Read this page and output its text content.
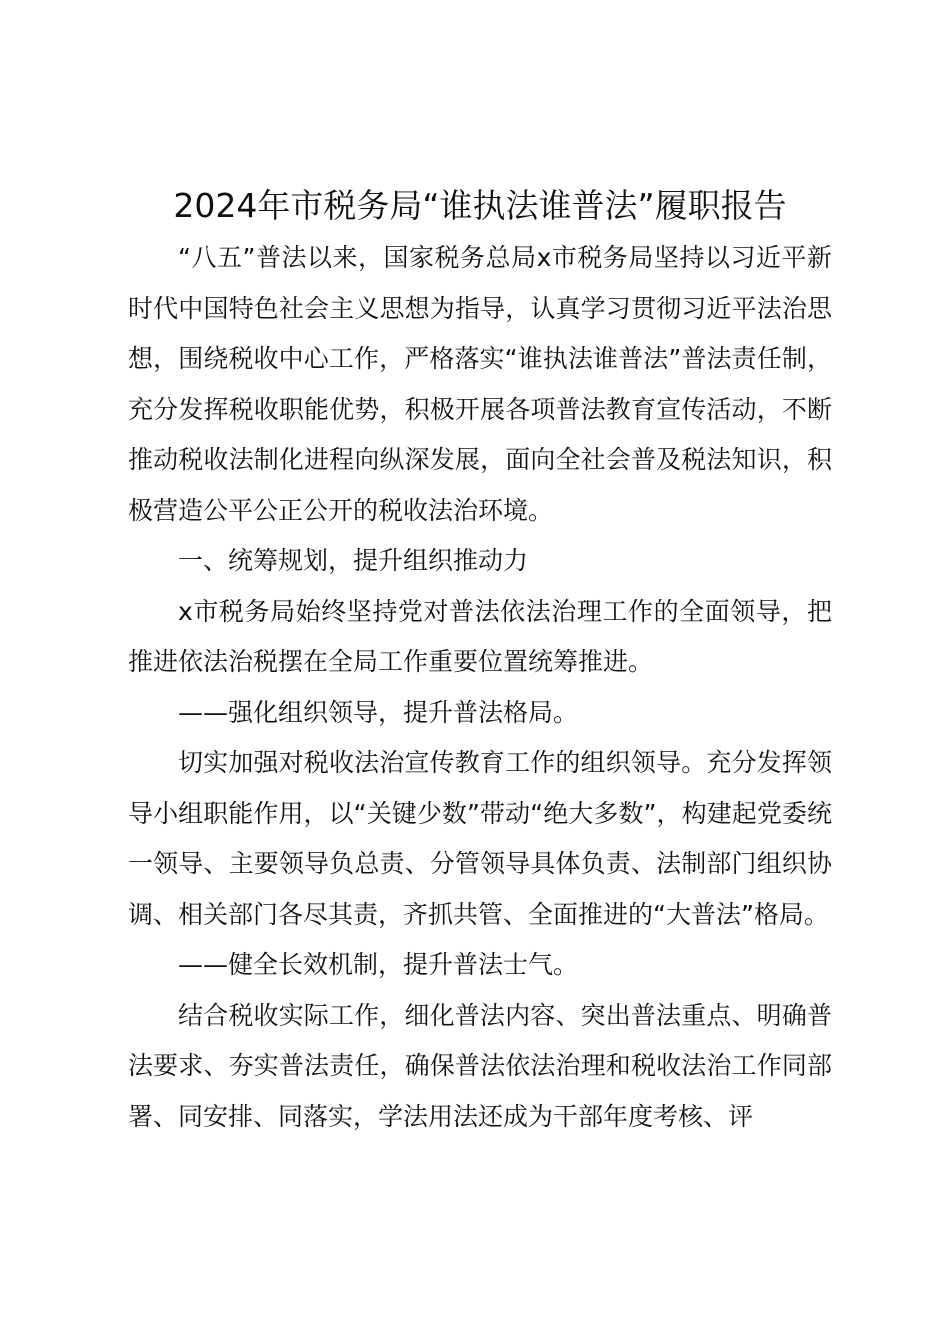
2024年市税务局“谁执法谁普法”履职报告

“八五”普法以来，国家税务总局x市税务局坚持以习近平新时代中国特色社会主义思想为指导，认真学习贯彻习近平法治思想，围绕税收中心工作，严格落实“谁执法谁普法”普法责任制，充分发挥税收职能优势，积极开展各项普法教育宣传活动，不断推动税收法制化进程向纵深发展，面向全社会普及税法知识，积极营造公平公正公开的税收法治环境。

一、统筹规划，提升组织推动力

x市税务局始终坚持党对普法依法治理工作的全面领导，把推进依法治税摆在全局工作重要位置统筹推进。

——强化组织领导，提升普法格局。

切实加强对税收法治宣传教育工作的组织领导。充分发挥领导小组职能作用，以“关键少数”带动“绝大多数”，构建起党委统一领导、主要领导负总责、分管领导具体负责、法制部门组织协调、相关部门各尽其责，齐抓共管、全面推进的“大普法”格局。

——健全长效机制，提升普法士气。

结合税收实际工作，细化普法内容、突出普法重点、明确普法要求、夯实普法责任，确保普法依法治理和税收法治工作同部署、同安排、同落实，学法用法还成为干部年度考核、评
